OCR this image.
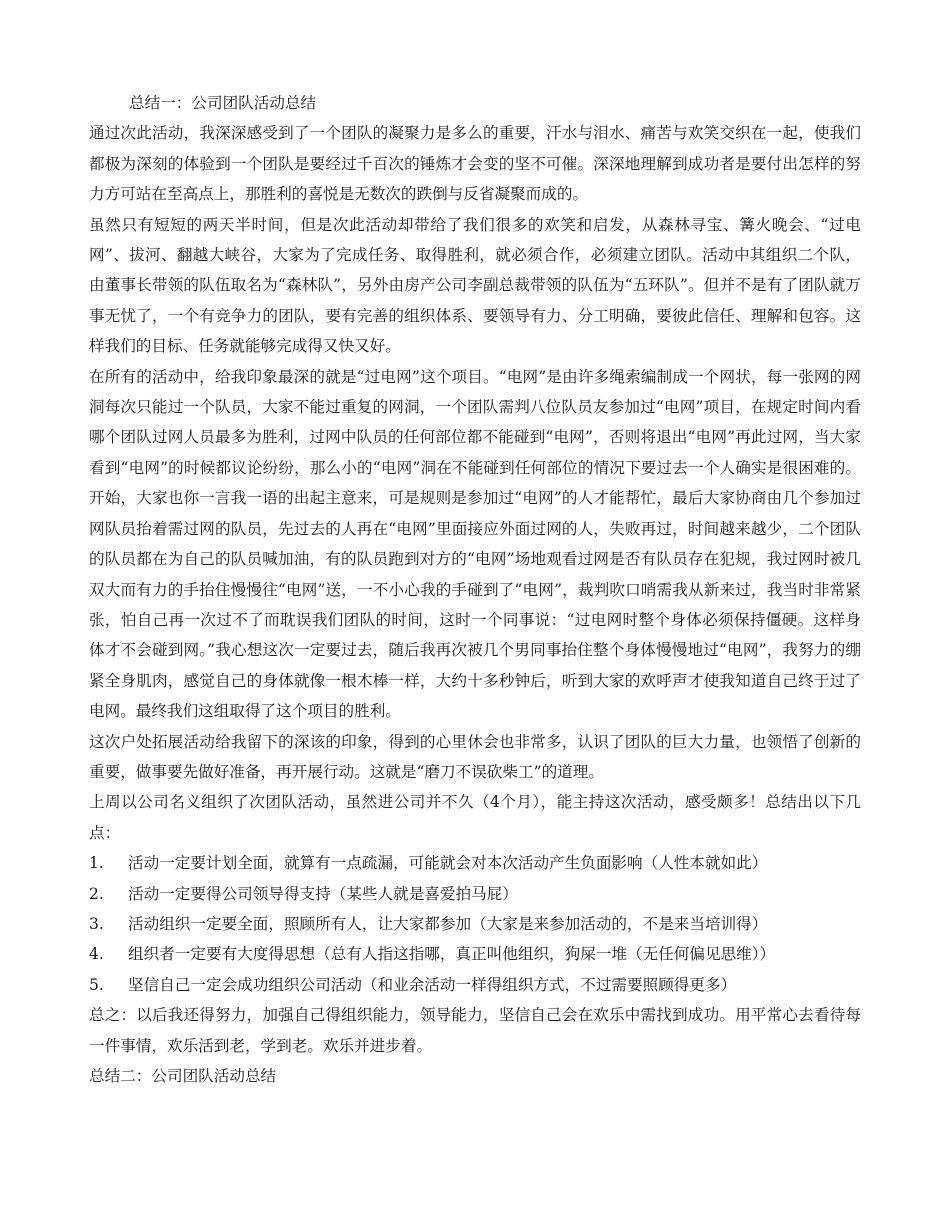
总结一：公司团队活动总结

通过次此活动，我深深感受到了一个团队的凝聚力是多么的重要，汗水与泪水、痛苦与欢笑交织在一起，使我们都极为深刻的体验到一个团队是要经过千百次的锤炼才会变的坚不可催。深深地理解到成功者是要付出怎样的努力方可站在至高点上，那胜利的喜悦是无数次的跌倒与反省凝聚而成的。

虽然只有短短的两天半时间，但是次此活动却带给了我们很多的欢笑和启发，从森林寻宝、篝火晚会、“过电网”、拔河、翻越大峡谷，大家为了完成任务、取得胜利，就必须合作，必须建立团队。活动中其组织二个队，由董事长带领的队伍取名为“森林队”，另外由房产公司李副总裁带领的队伍为“五环队”。但并不是有了团队就万事无忧了，一个有竞争力的团队，要有完善的组织体系、要领导有力、分工明确，要彼此信任、理解和包容。这样我们的目标、任务就能够完成得又快又好。

在所有的活动中，给我印象最深的就是“过电网”这个项目。“电网”是由许多绳索编制成一个网状，每一张网的网洞每次只能过一个队员，大家不能过重复的网洞，一个团队需判八位队员友参加过“电网”项目，在规定时间内看哪个团队过网人员最多为胜利，过网中队员的任何部位都不能碰到“电网”，否则将退出“电网”再此过网，当大家看到“电网”的时候都议论纷纷，那么小的“电网”洞在不能碰到任何部位的情况下要过去一个人确实是很困难的。开始，大家也你一言我一语的出起主意来，可是规则是参加过“电网”的人才能帮忙，最后大家协商由几个参加过网队员抬着需过网的队员，先过去的人再在“电网”里面接应外面过网的人，失败再过，时间越来越少，二个团队的队员都在为自己的队员喊加油，有的队员跑到对方的“电网”场地观看过网是否有队员存在犯规，我过网时被几双大而有力的手抬住慢慢往“电网”送，一不小心我的手碰到了“电网”，裁判吹口哨需我从新来过，我当时非常紧张，怕自己再一次过不了而耽误我们团队的时间，这时一个同事说：“过电网时整个身体必须保持僵硬。这样身体才不会碰到网。”我心想这次一定要过去，随后我再次被几个男同事抬住整个身体慢慢地过“电网”，我努力的绷紧全身肌肉，感觉自己的身体就像一根木棒一样，大约十多秒钟后，听到大家的欢呼声才使我知道自己终于过了电网。最终我们这组取得了这个项目的胜利。

这次户处拓展活动给我留下的深该的印象，得到的心里休会也非常多，认识了团队的巨大力量，也领悟了创新的重要，做事要先做好准备，再开展行动。这就是“磨刀不误砍柴工”的道理。

上周以公司名义组织了次团队活动，虽然进公司并不久（4个月），能主持这次活动，感受颇多！总结出以下几点：

1.	活动一定要计划全面，就算有一点疏漏，可能就会对本次活动产生负面影响（人性本就如此）
2.	活动一定要得公司领导得支持（某些人就是喜爱拍马屁）
3.	活动组织一定要全面，照顾所有人，让大家都参加（大家是来参加活动的，不是来当培训得）
4.	组织者一定要有大度得思想（总有人指这指哪，真正叫他组织，狗屎一堆（无任何偏见思维））
5.	坚信自己一定会成功组织公司活动（和业余活动一样得组织方式，不过需要照顾得更多）

总之：以后我还得努力，加强自己得组织能力，领导能力，坚信自己会在欢乐中需找到成功。用平常心去看待每一件事情，欢乐活到老，学到老。欢乐并进步着。

总结二：公司团队活动总结
